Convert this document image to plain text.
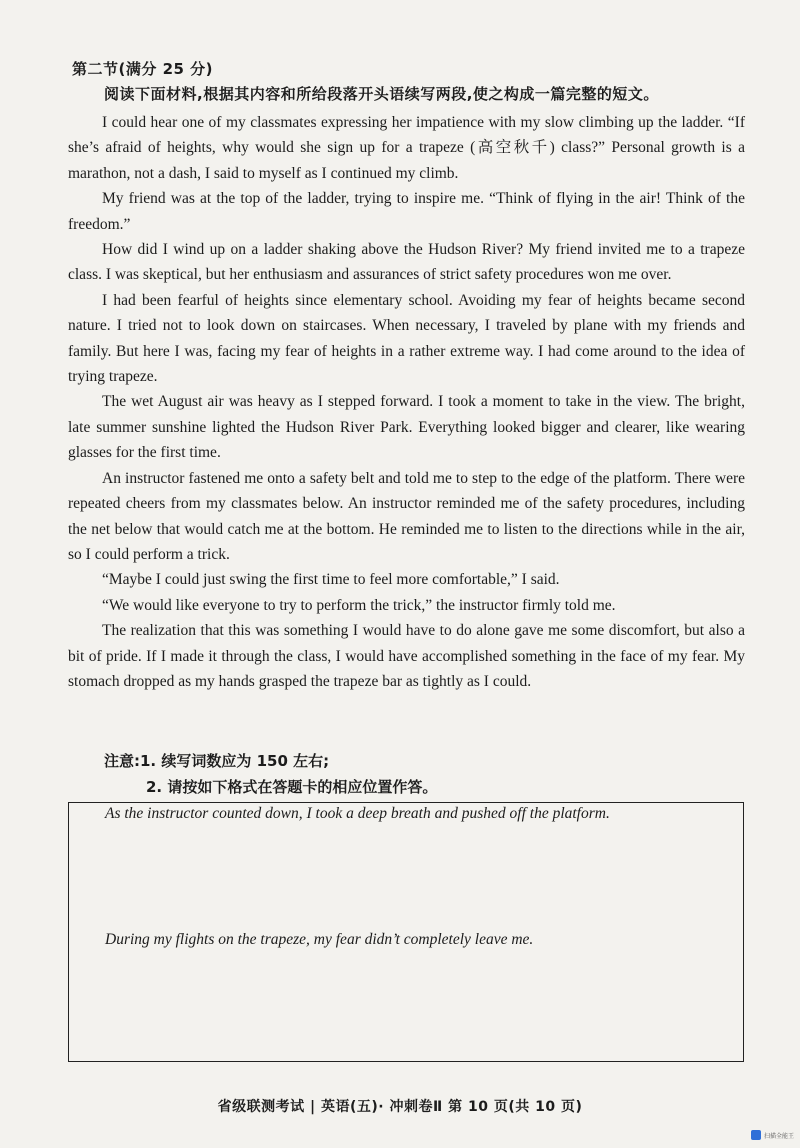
第二节(满分 25 分)
阅读下面材料,根据其内容和所给段落开头语续写两段,使之构成一篇完整的短文。

I could hear one of my classmates expressing her impatience with my slow climbing up the ladder. “If she’s afraid of heights, why would she sign up for a trapeze (高空秋千) class?” Personal growth is a marathon, not a dash, I said to myself as I continued my climb.

My friend was at the top of the ladder, trying to inspire me. “Think of flying in the air! Think of the freedom.”

How did I wind up on a ladder shaking above the Hudson River? My friend invited me to a trapeze class. I was skeptical, but her enthusiasm and assurances of strict safety procedures won me over.

I had been fearful of heights since elementary school. Avoiding my fear of heights became second nature. I tried not to look down on staircases. When necessary, I traveled by plane with my friends and family. But here I was, facing my fear of heights in a rather extreme way. I had come around to the idea of trying trapeze.

The wet August air was heavy as I stepped forward. I took a moment to take in the view. The bright, late summer sunshine lighted the Hudson River Park. Everything looked bigger and clearer, like wearing glasses for the first time.

An instructor fastened me onto a safety belt and told me to step to the edge of the platform. There were repeated cheers from my classmates below. An instructor reminded me of the safety procedures, including the net below that would catch me at the bottom. He reminded me to listen to the directions while in the air, so I could perform a trick.

“Maybe I could just swing the first time to feel more comfortable,” I said.

“We would like everyone to try to perform the trick,” the instructor firmly told me.

The realization that this was something I would have to do alone gave me some discomfort, but also a bit of pride. If I made it through the class, I would have accomplished something in the face of my fear. My stomach dropped as my hands grasped the trapeze bar as tightly as I could.

注意:1. 续写词数应为 150 左右;
2. 请按如下格式在答题卡的相应位置作答。
As the instructor counted down, I took a deep breath and pushed off the platform.
During my flights on the trapeze, my fear didn’t completely leave me.
省级联测考试 | 英语(五)· 冲刺卷Ⅱ 第 10 页(共 10 页)
扫描全能王
